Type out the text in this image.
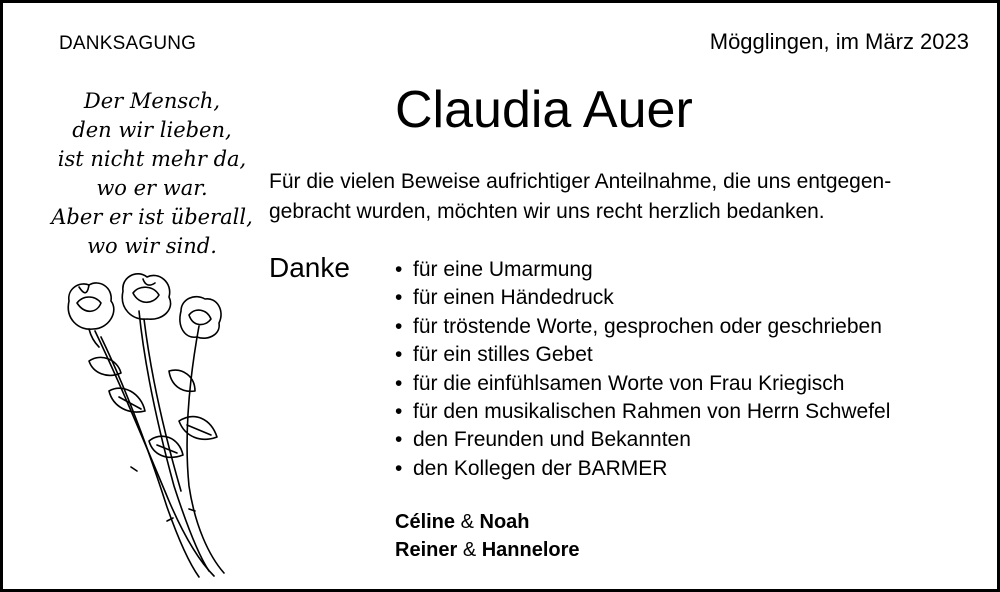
DANKSAGUNG	Mögglingen, im März 2023
Der Mensch,
den wir lieben,
ist nicht mehr da,
wo er war.
Aber er ist überall,
wo wir sind.
Claudia Auer
Für die vielen Beweise aufrichtiger Anteilnahme, die uns entgegen-
gebracht wurden, möchten wir uns recht herzlich bedanken.
Danke • für eine Umarmung
• für einen Händedruck
• für tröstende Worte, gesprochen oder geschrieben
• für ein stilles Gebet
• für die einfühlsamen Worte von Frau Kriegisch
• für den musikalischen Rahmen von Herrn Schwefel
• den Freunden und Bekannten
• den Kollegen der BARMER
Céline & Noah
Reiner & Hannelore
